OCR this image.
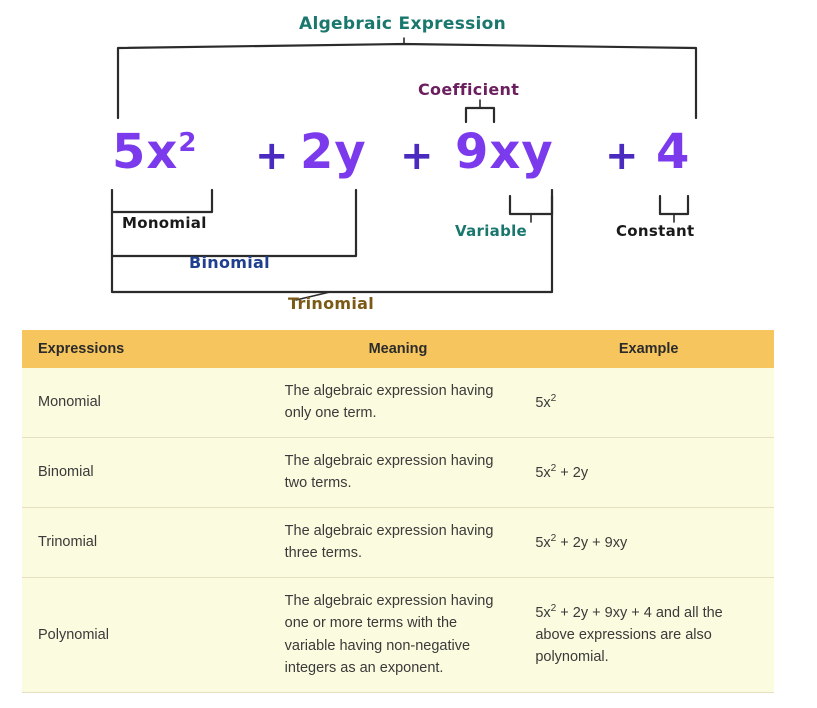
$5x^2 + 2y + 9xy + 4$
Algebraic Expression
Coefficient
Monomial
Binomial
Trinomial
Variable	Constant
Expressions	Meaning	Example
Monomial	The algebraic expression having only one term.	$5x^2$
Binomial	The algebraic expression having two terms.	$5x^2 + 2y$
Trinomial	The algebraic expression having three terms.	$5x^2 + 2y + 9xy$
Polynomial	The algebraic expression having one or more terms with the variable having non-negative integers as an exponent.	$5x^2 + 2y + 9xy + 4$ and all the above expressions are also polynomial.
